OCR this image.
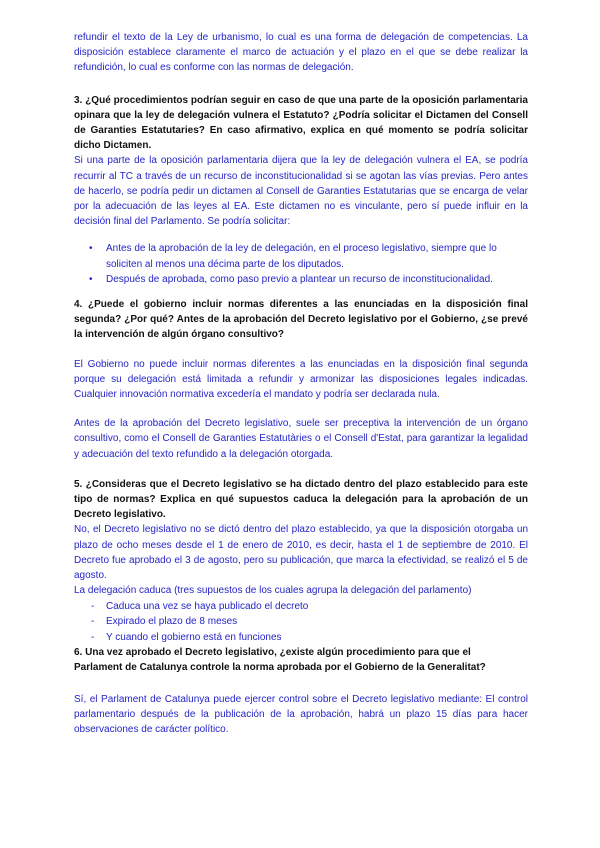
refundir el texto de la Ley de urbanismo, lo cual es una forma de delegación de competencias. La disposición establece claramente el marco de actuación y el plazo en el que se debe realizar la refundición, lo cual es conforme con las normas de delegación.

3. ¿Qué procedimientos podrían seguir en caso de que una parte de la oposición parlamentaria opinara que la ley de delegación vulnera el Estatuto? ¿Podría solicitar el Dictamen del Consell de Garanties Estatutaries? En caso afirmativo, explica en qué momento se podría solicitar dicho Dictamen.

Si una parte de la oposición parlamentaria dijera que la ley de delegación vulnera el EA, se podría recurrir al TC a través de un recurso de inconstitucionalidad si se agotan las vías previas. Pero antes de hacerlo, se podría pedir un dictamen al Consell de Garanties Estatutarias que se encarga de velar por la adecuación de las leyes al EA. Este dictamen no es vinculante, pero sí puede influir en la decisión final del Parlamento. Se podría solicitar:

• Antes de la aprobación de la ley de delegación, en el proceso legislativo, siempre que lo soliciten al menos una décima parte de los diputados.
• Después de aprobada, como paso previo a plantear un recurso de inconstitucionalidad.

4. ¿Puede el gobierno incluir normas diferentes a las enunciadas en la disposición final segunda? ¿Por qué? Antes de la aprobación del Decreto legislativo por el Gobierno, ¿se prevé la intervención de algún órgano consultivo?

El Gobierno no puede incluir normas diferentes a las enunciadas en la disposición final segunda porque su delegación está limitada a refundir y armonizar las disposiciones legales indicadas. Cualquier innovación normativa excedería el mandato y podría ser declarada nula.

Antes de la aprobación del Decreto legislativo, suele ser preceptiva la intervención de un órgano consultivo, como el Consell de Garanties Estatutàries o el Consell d'Estat, para garantizar la legalidad y adecuación del texto refundido a la delegación otorgada.

5. ¿Consideras que el Decreto legislativo se ha dictado dentro del plazo establecido para este tipo de normas? Explica en qué supuestos caduca la delegación para la aprobación de un Decreto legislativo.

No, el Decreto legislativo no se dictó dentro del plazo establecido, ya que la disposición otorgaba un plazo de ocho meses desde el 1 de enero de 2010, es decir, hasta el 1 de septiembre de 2010. El Decreto fue aprobado el 3 de agosto, pero su publicación, que marca la efectividad, se realizó el 5 de agosto.

La delegación caduca (tres supuestos de los cuales agrupa la delegación del parlamento)

- Caduca una vez se haya publicado el decreto
- Expirado el plazo de 8 meses
- Y cuando el gobierno está en funciones

6. Una vez aprobado el Decreto legislativo, ¿existe algún procedimiento para que el

Parlament de Catalunya controle la norma aprobada por el Gobierno de la Generalitat?

Sí, el Parlament de Catalunya puede ejercer control sobre el Decreto legislativo mediante: El control parlamentario después de la publicación de la aprobación, habrá un plazo 15 días para hacer observaciones de carácter político.
